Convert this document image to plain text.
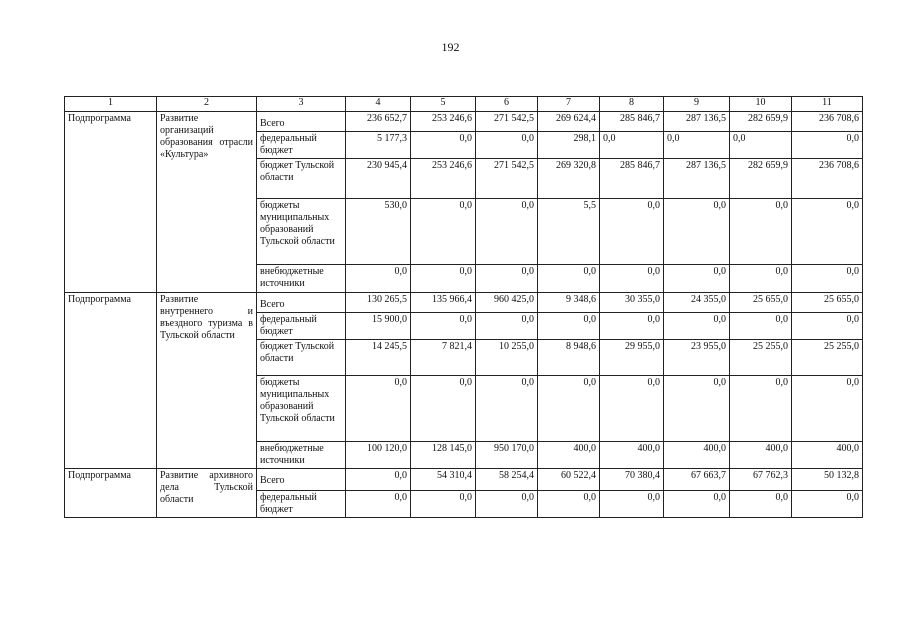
192
1	2	3	4	5	6	7	8	9	10	11
Подпрограмма	Развитие организаций образования отрасли «Культура»	Всего	236 652,7	253 246,6	271 542,5	269 624,4	285 846,7	287 136,5	282 659,9	236 708,6
		федеральный бюджет	5 177,3	0,0	0,0	298,1	0,0	0,0	0,0	0,0
		бюджет Тульской области	230 945,4	253 246,6	271 542,5	269 320,8	285 846,7	287 136,5	282 659,9	236 708,6
		бюджеты муниципальных образований Тульской области	530,0	0,0	0,0	5,5	0,0	0,0	0,0	0,0
		внебюджетные источники	0,0	0,0	0,0	0,0	0,0	0,0	0,0	0,0
Подпрограмма	Развитие внутреннего и въездного туризма в Тульской области	Всего	130 265,5	135 966,4	960 425,0	9 348,6	30 355,0	24 355,0	25 655,0	25 655,0
		федеральный бюджет	15 900,0	0,0	0,0	0,0	0,0	0,0	0,0	0,0
		бюджет Тульской области	14 245,5	7 821,4	10 255,0	8 948,6	29 955,0	23 955,0	25 255,0	25 255,0
		бюджеты муниципальных образований Тульской области	0,0	0,0	0,0	0,0	0,0	0,0	0,0	0,0
		внебюджетные источники	100 120,0	128 145,0	950 170,0	400,0	400,0	400,0	400,0	400,0
Подпрограмма	Развитие архивного дела Тульской области	Всего	0,0	54 310,4	58 254,4	60 522,4	70 380,4	67 663,7	67 762,3	50 132,8
		федеральный бюджет	0,0	0,0	0,0	0,0	0,0	0,0	0,0	0,0
